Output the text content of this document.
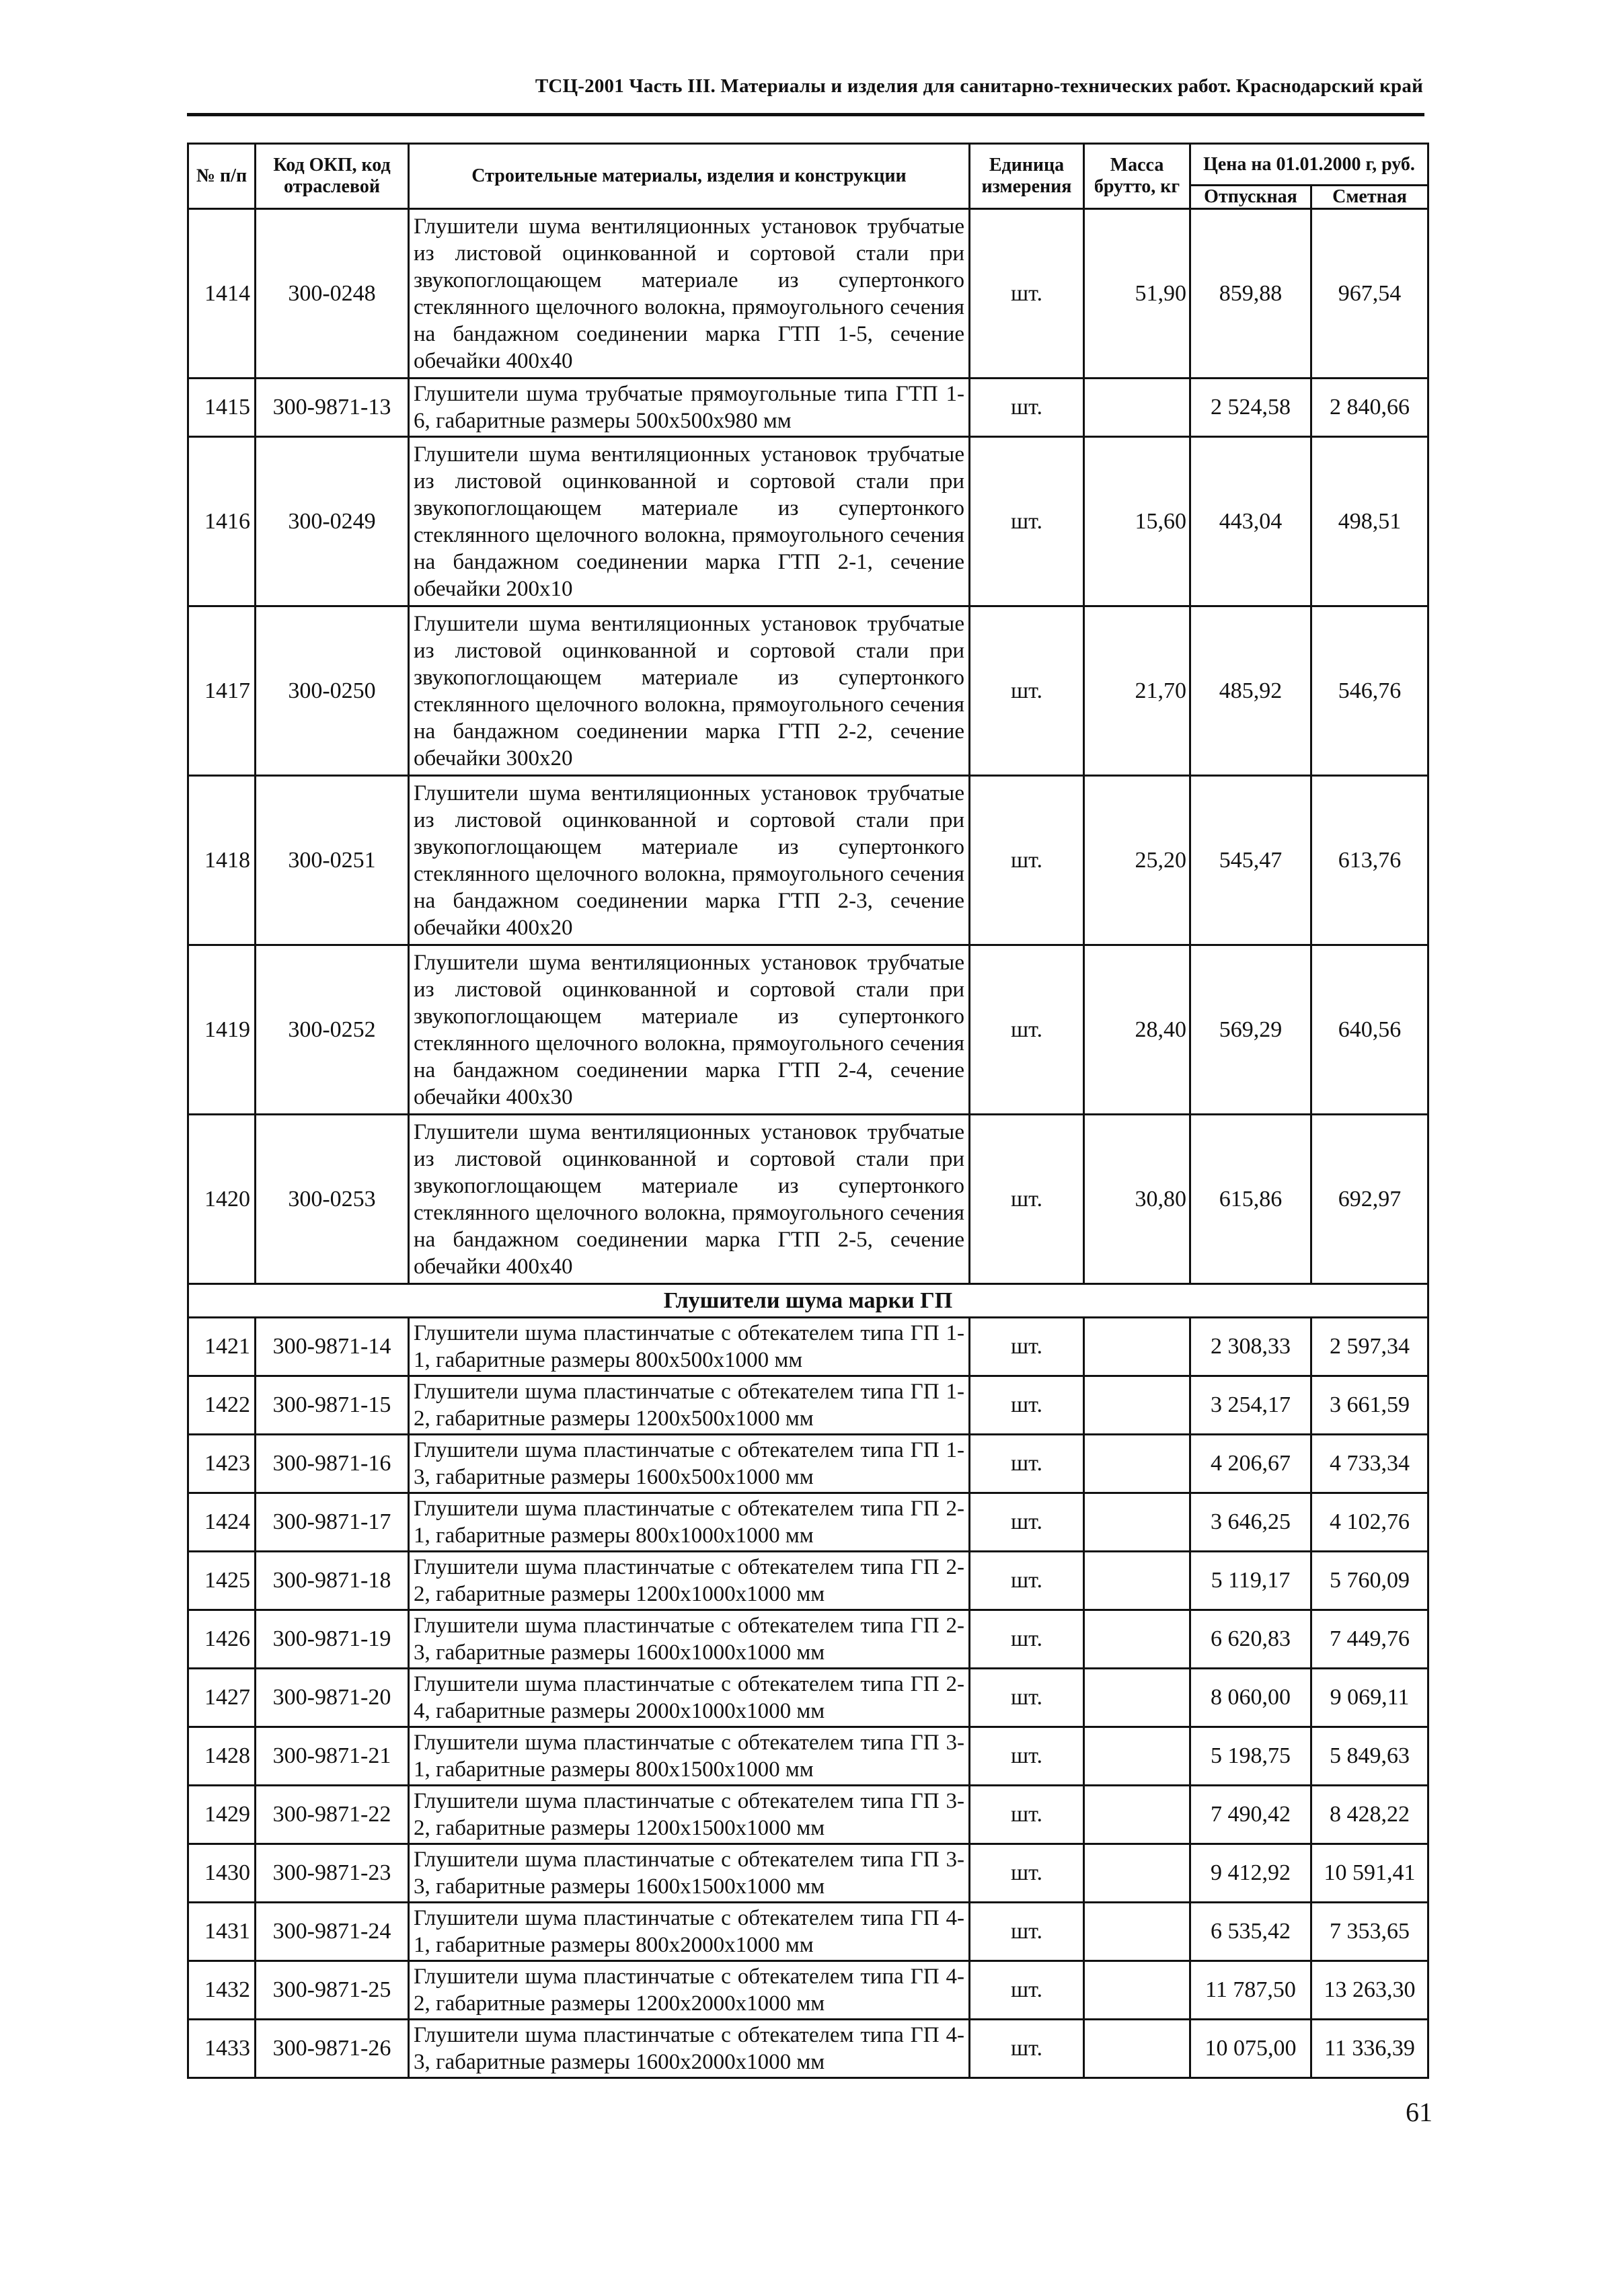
ТСЦ-2001 Часть III. Материалы и изделия для санитарно-технических работ. Краснодарский край
№ п/п	Код ОКП, код отраслевой	Строительные материалы, изделия и конструкции	Единица измерения	Масса брутто, кг	Цена на 01.01.2000 г, руб.	
					Отпускная	Сметная
1414	300-0248	Глушители шума вентиляционных установок трубчатые из листовой оцинкованной и сортовой стали при звукопоглощающем материале из супертонкого стеклянного щелочного волокна, прямоугольного сечения на бандажном соединении марка ГТП 1-5, сечение обечайки 400х40	шт.	51,90	859,88	967,54
1415	300-9871-13	Глушители шума трубчатые прямоугольные типа ГТП 1-6, габаритные размеры 500х500х980 мм	шт.		2 524,58	2 840,66
1416	300-0249	Глушители шума вентиляционных установок трубчатые из листовой оцинкованной и сортовой стали при звукопоглощающем материале из супертонкого стеклянного щелочного волокна, прямоугольного сечения на бандажном соединении марка ГТП 2-1, сечение обечайки 200х10	шт.	15,60	443,04	498,51
1417	300-0250	Глушители шума вентиляционных установок трубчатые из листовой оцинкованной и сортовой стали при звукопоглощающем материале из супертонкого стеклянного щелочного волокна, прямоугольного сечения на бандажном соединении марка ГТП 2-2, сечение обечайки 300х20	шт.	21,70	485,92	546,76
1418	300-0251	Глушители шума вентиляционных установок трубчатые из листовой оцинкованной и сортовой стали при звукопоглощающем материале из супертонкого стеклянного щелочного волокна, прямоугольного сечения на бандажном соединении марка ГТП 2-3, сечение обечайки 400х20	шт.	25,20	545,47	613,76
1419	300-0252	Глушители шума вентиляционных установок трубчатые из листовой оцинкованной и сортовой стали при звукопоглощающем материале из супертонкого стеклянного щелочного волокна, прямоугольного сечения на бандажном соединении марка ГТП 2-4, сечение обечайки 400х30	шт.	28,40	569,29	640,56
1420	300-0253	Глушители шума вентиляционных установок трубчатые из листовой оцинкованной и сортовой стали при звукопоглощающем материале из супертонкого стеклянного щелочного волокна, прямоугольного сечения на бандажном соединении марка ГТП 2-5, сечение обечайки 400х40	шт.	30,80	615,86	692,97
Глушители шума марки ГП						
1421	300-9871-14	Глушители шума пластинчатые с обтекателем типа ГП 1-1, габаритные размеры 800х500х1000 мм	шт.		2 308,33	2 597,34
1422	300-9871-15	Глушители шума пластинчатые с обтекателем типа ГП 1-2, габаритные размеры 1200х500х1000 мм	шт.		3 254,17	3 661,59
1423	300-9871-16	Глушители шума пластинчатые с обтекателем типа ГП 1-3, габаритные размеры 1600х500х1000 мм	шт.		4 206,67	4 733,34
1424	300-9871-17	Глушители шума пластинчатые с обтекателем типа ГП 2-1, габаритные размеры 800х1000х1000 мм	шт.		3 646,25	4 102,76
1425	300-9871-18	Глушители шума пластинчатые с обтекателем типа ГП 2-2, габаритные размеры 1200х1000х1000 мм	шт.		5 119,17	5 760,09
1426	300-9871-19	Глушители шума пластинчатые с обтекателем типа ГП 2-3, габаритные размеры 1600х1000х1000 мм	шт.		6 620,83	7 449,76
1427	300-9871-20	Глушители шума пластинчатые с обтекателем типа ГП 2-4, габаритные размеры 2000х1000х1000 мм	шт.		8 060,00	9 069,11
1428	300-9871-21	Глушители шума пластинчатые с обтекателем типа ГП 3-1, габаритные размеры 800х1500х1000 мм	шт.		5 198,75	5 849,63
1429	300-9871-22	Глушители шума пластинчатые с обтекателем типа ГП 3-2, габаритные размеры 1200х1500х1000 мм	шт.		7 490,42	8 428,22
1430	300-9871-23	Глушители шума пластинчатые с обтекателем типа ГП 3-3, габаритные размеры 1600х1500х1000 мм	шт.		9 412,92	10 591,41
1431	300-9871-24	Глушители шума пластинчатые с обтекателем типа ГП 4-1, габаритные размеры 800х2000х1000 мм	шт.		6 535,42	7 353,65
1432	300-9871-25	Глушители шума пластинчатые с обтекателем типа ГП 4-2, габаритные размеры 1200х2000х1000 мм	шт.		11 787,50	13 263,30
1433	300-9871-26	Глушители шума пластинчатые с обтекателем типа ГП 4-3, габаритные размеры 1600х2000х1000 мм	шт.		10 075,00	11 336,39
61
